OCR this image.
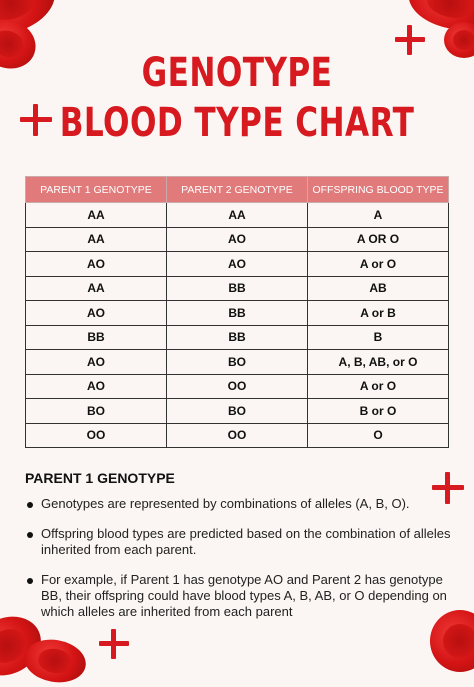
GENOTYPE
BLOOD TYPE CHART
PARENT 1 GENOTYPE	PARENT 2 GENOTYPE	OFFSPRING BLOOD TYPE
AA	AA	A
AA	AO	A OR O
AO	AO	A or O
AA	BB	AB
AO	BB	A or B
BB	BB	B
AO	BO	A, B, AB, or O
AO	OO	A or O
BO	BO	B or O
OO	OO	O
PARENT 1 GENOTYPE
Genotypes are represented by combinations of alleles (A, B, O).
Offspring blood types are predicted based on the combination of alleles inherited from each parent.
For example, if Parent 1 has genotype AO and Parent 2 has genotype BB, their offspring could have blood types A, B, AB, or O depending on which alleles are inherited from each parent
